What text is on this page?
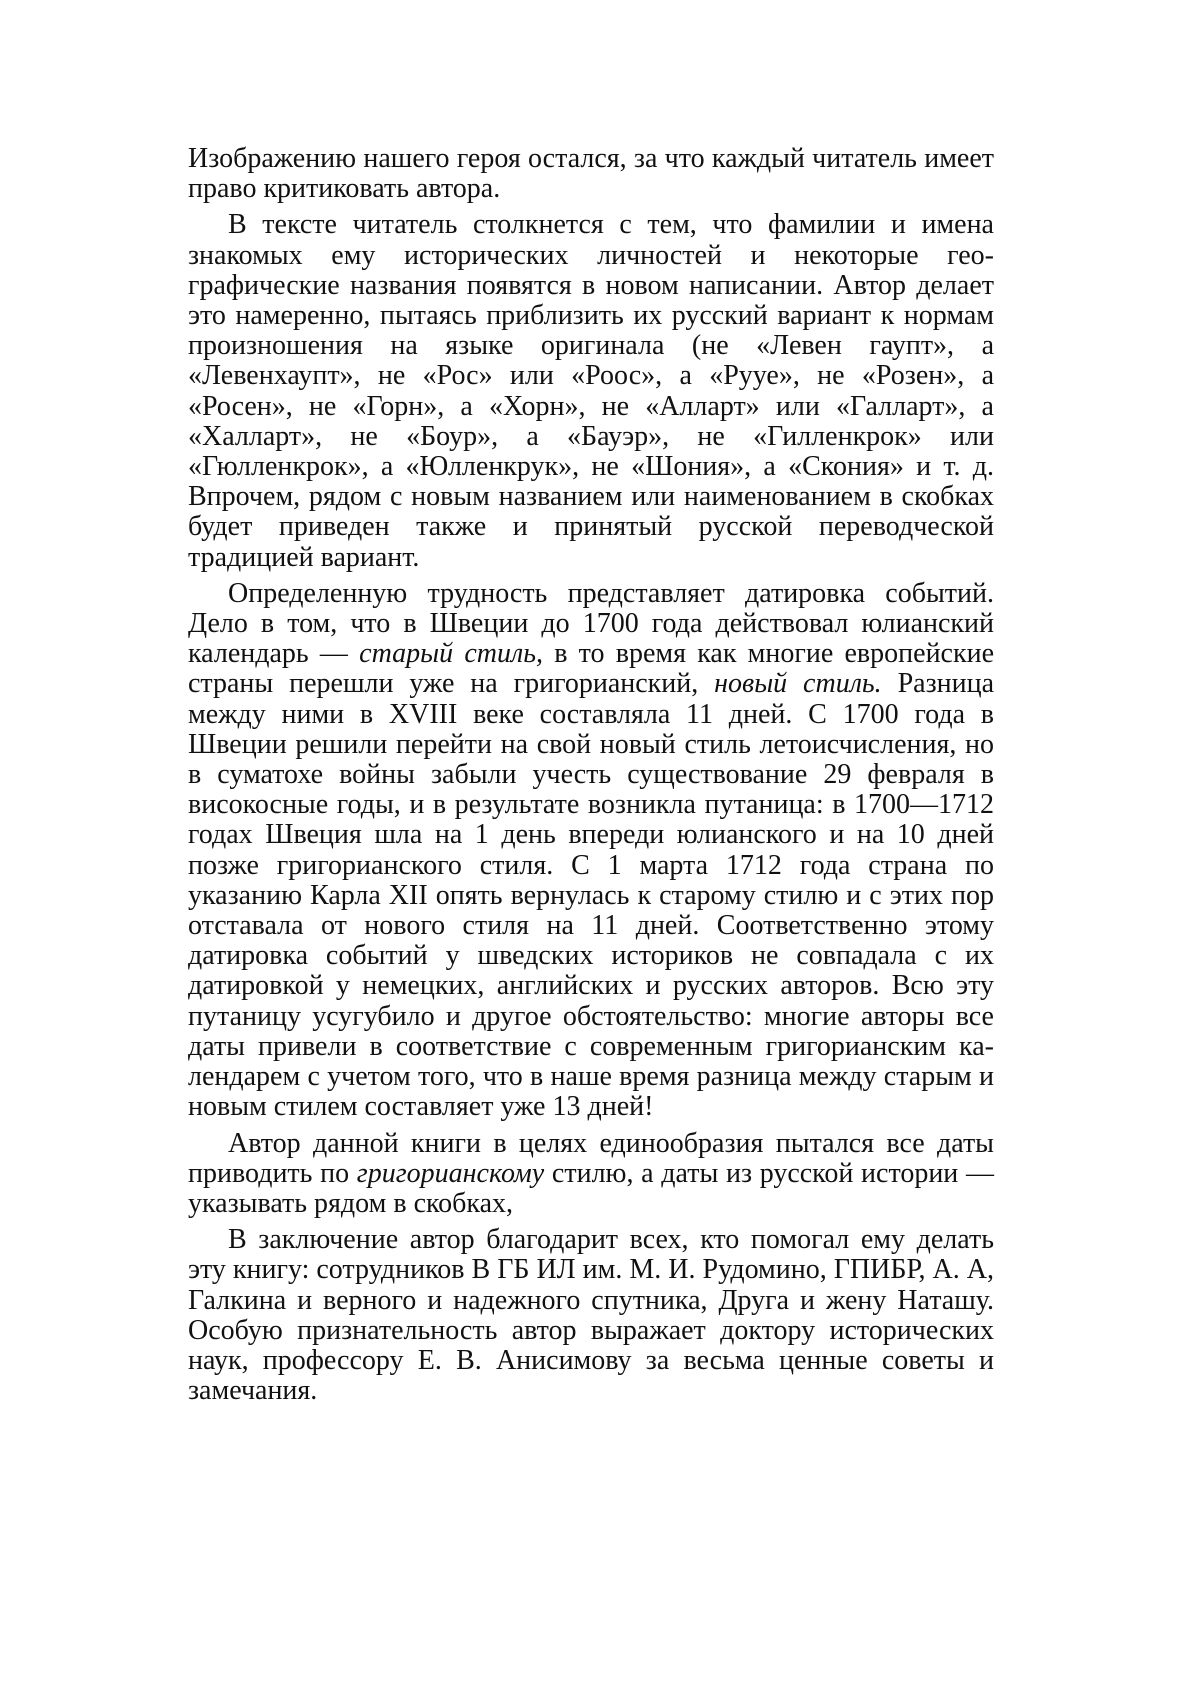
Изображению нашего героя остался, за что каждый читатель имеет право критиковать автора.

В тексте читатель столкнется с тем, что фамилии и имена знакомых ему исторических личностей и некоторые географические названия появятся в новом написании. Автор делает это намеренно, пытаясь приблизить их русский вариант к нормам произношения на языке оригинала (не «Левен гаупт», а «Левенхаупт», не «Рос» или «Роос», а «Рууе», не «Розен», а «Росен», не «Горн», а «Хорн», не «Алларт» или «Галларт», а «Халларт», не «Боур», а «Бауэр», не «Гилленкрок» или «Гюлленкрок», а «Юлленкрук», не «Шония», а «Скония» и т. д. Впрочем, рядом с новым названием или наименованием в скобках будет приведен также и принятый русской переводческой традицией вариант.

Определенную трудность представляет датировка событий. Дело в том, что в Швеции до 1700 года действовал юлианский календарь — старый стиль, в то время как многие европейские страны перешли уже на григорианский, новый стиль. Разница между ними в XVIII веке составляла 11 дней. С 1700 года в Швеции решили перейти на свой новый стиль летоисчисления, но в суматохе войны забыли учесть существование 29 февраля в високосные годы, и в результате возникла путаница: в 1700—1712 годах Швеция шла на 1 день впереди юлианского и на 10 дней позже григорианского стиля. С 1 марта 1712 года страна по указанию Карла XII опять вернулась к старому стилю и с этих пор отставала от нового стиля на 11 дней. Соответственно этому датировка событий у шведских историков не совпадала с их датировкой у немецких, английских и русских авторов. Всю эту путаницу усугубило и другое обстоятельство: многие авторы все даты привели в соответствие с современным григорианским календарем с учетом того, что в наше время разница между старым и новым стилем составляет уже 13 дней!

Автор данной книги в целях единообразия пытался все даты приводить по григорианскому стилю, а даты из русской истории — указывать рядом в скобках,

В заключение автор благодарит всех, кто помогал ему делать эту книгу: сотрудников В ГБ ИЛ им. М. И. Рудомино, ГПИБР, А. А, Галкина и верного и надежного спутника, Друга и жену Наташу. Особую признательность автор выражает доктору исторических наук, профессору Е. В. Анисимову за весьма ценные советы и замечания.
